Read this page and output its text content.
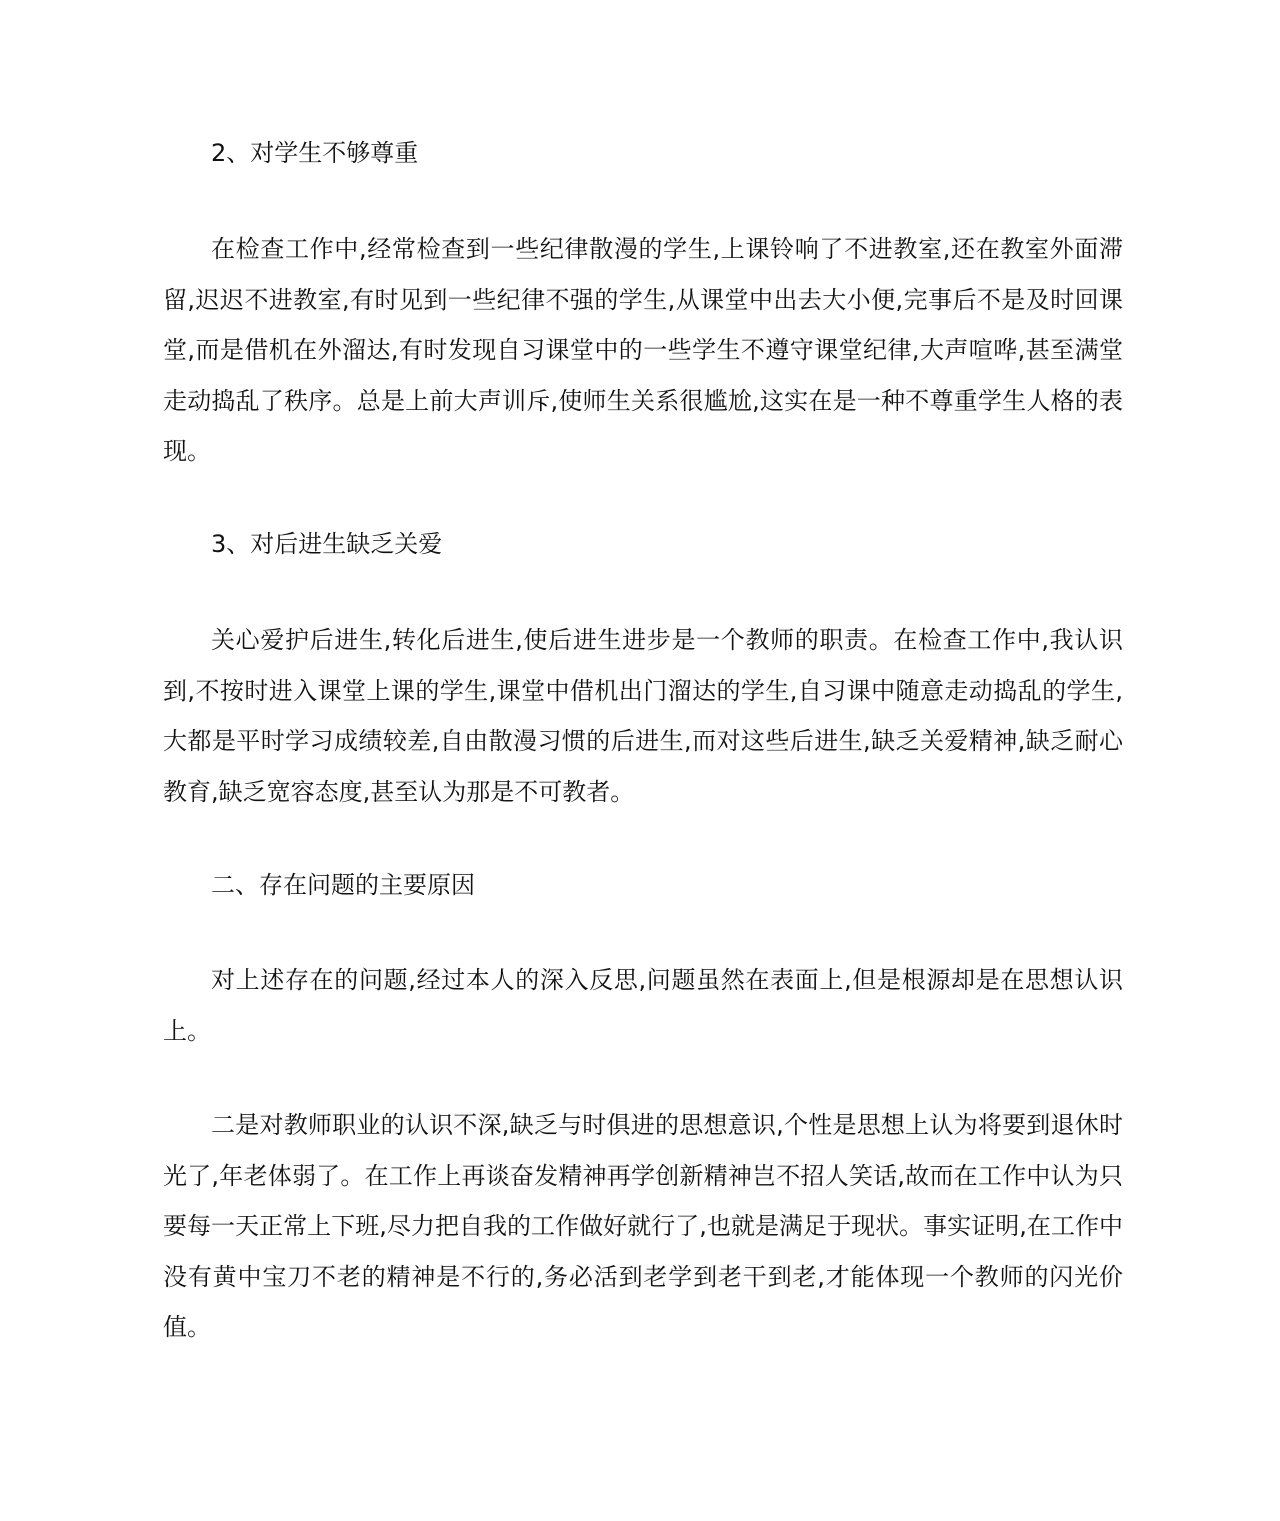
2、对学生不够尊重

在检查工作中,经常检查到一些纪律散漫的学生,上课铃响了不进教室,还在教室外面滞留,迟迟不进教室,有时见到一些纪律不强的学生,从课堂中出去大小便,完事后不是及时回课堂,而是借机在外溜达,有时发现自习课堂中的一些学生不遵守课堂纪律,大声喧哗,甚至满堂走动捣乱了秩序。总是上前大声训斥,使师生关系很尴尬,这实在是一种不尊重学生人格的表现。

3、对后进生缺乏关爱

关心爱护后进生,转化后进生,使后进生进步是一个教师的职责。在检查工作中,我认识到,不按时进入课堂上课的学生,课堂中借机出门溜达的学生,自习课中随意走动捣乱的学生,大都是平时学习成绩较差,自由散漫习惯的后进生,而对这些后进生,缺乏关爱精神,缺乏耐心教育,缺乏宽容态度,甚至认为那是不可教者。

二、存在问题的主要原因

对上述存在的问题,经过本人的深入反思,问题虽然在表面上,但是根源却是在思想认识上。

二是对教师职业的认识不深,缺乏与时俱进的思想意识,个性是思想上认为将要到退休时光了,年老体弱了。在工作上再谈奋发精神再学创新精神岂不招人笑话,故而在工作中认为只要每一天正常上下班,尽力把自我的工作做好就行了,也就是满足于现状。事实证明,在工作中没有黄中宝刀不老的精神是不行的,务必活到老学到老干到老,才能体现一个教师的闪光价值。
